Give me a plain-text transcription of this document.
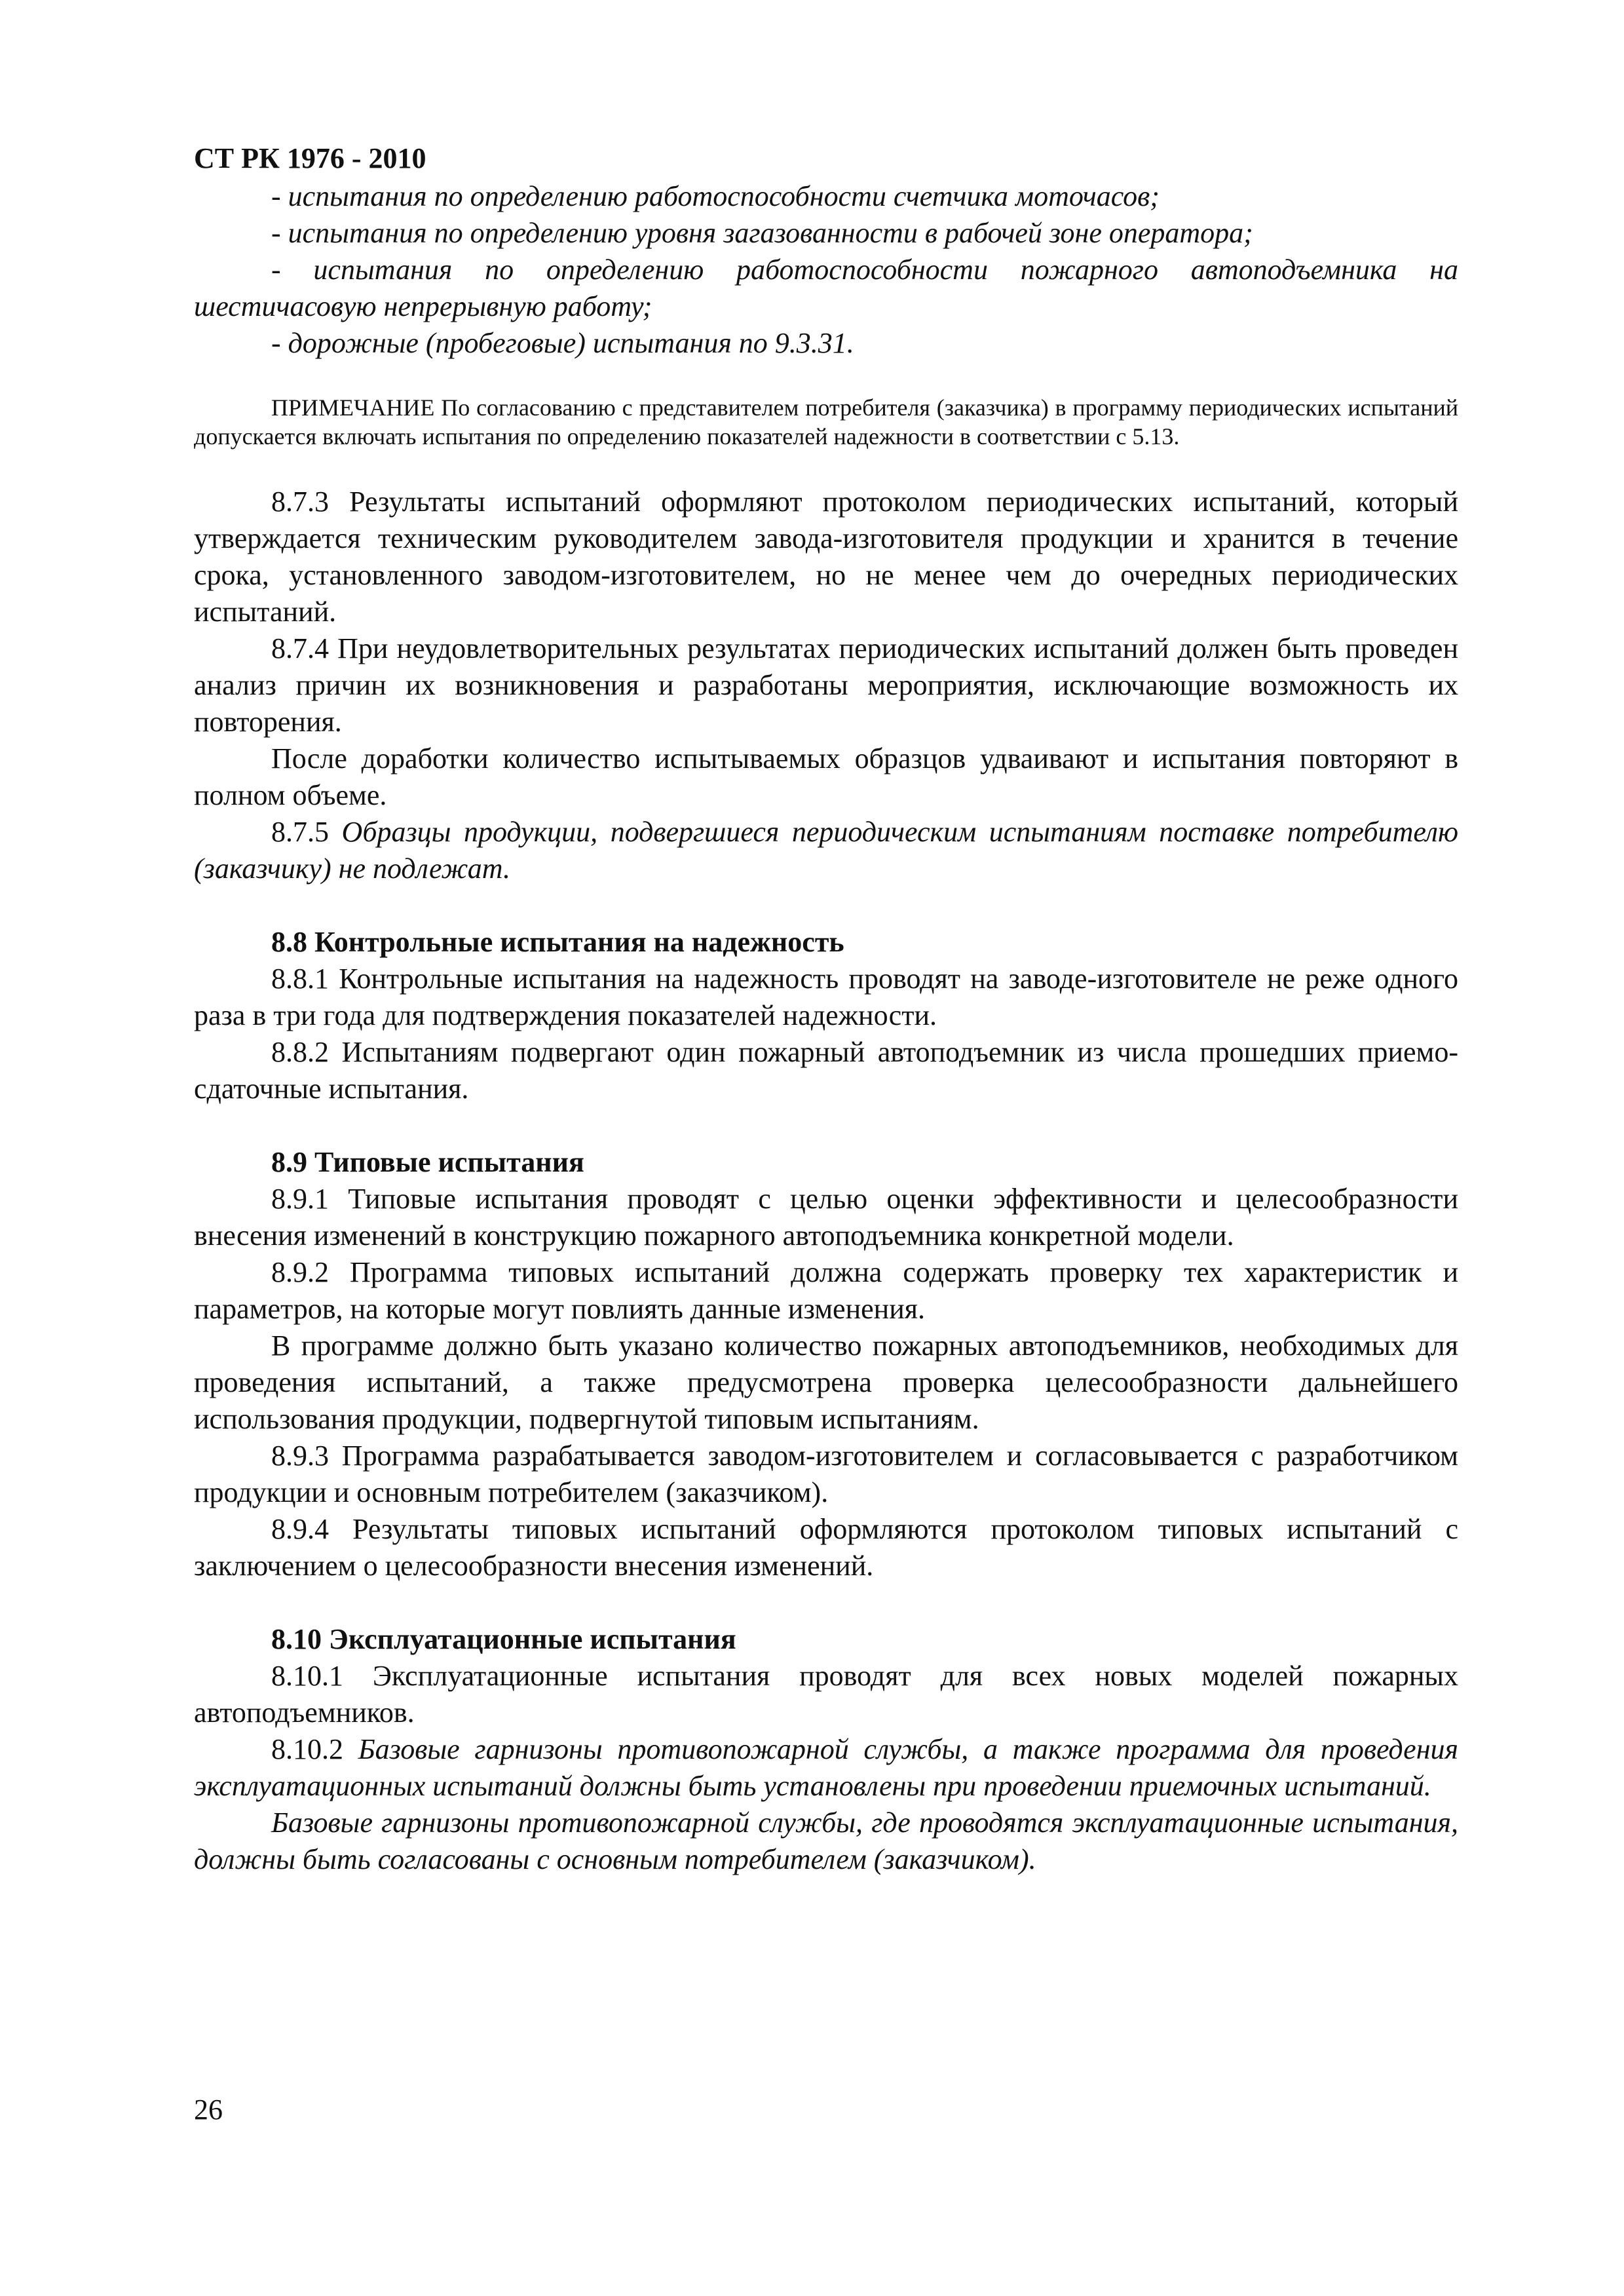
СТ РК 1976 - 2010

- испытания по определению работоспособности счетчика моточасов;

- испытания по определению уровня загазованности в рабочей зоне оператора;

- испытания по определению работоспособности пожарного автоподъемника на шестичасовую непрерывную работу;

- дорожные (пробеговые) испытания по 9.3.31.

ПРИМЕЧАНИЕ По согласованию с представителем потребителя (заказчика) в программу периодических испытаний допускается включать испытания по определению показателей надежности в соответствии с 5.13.

8.7.3 Результаты испытаний оформляют протоколом периодических испытаний, который утверждается техническим руководителем завода-изготовителя продукции и хранится в течение срока, установленного заводом-изготовителем, но не менее чем до очередных периодических испытаний.

8.7.4 При неудовлетворительных результатах периодических испытаний должен быть проведен анализ причин их возникновения и разработаны мероприятия, исключающие возможность их повторения.

После доработки количество испытываемых образцов удваивают и испытания повторяют в полном объеме.

8.7.5 Образцы продукции, подвергшиеся периодическим испытаниям поставке потребителю (заказчику) не подлежат.

8.8 Контрольные испытания на надежность

8.8.1 Контрольные испытания на надежность проводят на заводе-изготовителе не реже одного раза в три года для подтверждения показателей надежности.

8.8.2 Испытаниям подвергают один пожарный автоподъемник из числа прошедших приемо-сдаточные испытания.

8.9 Типовые испытания

8.9.1 Типовые испытания проводят с целью оценки эффективности и целесообразности внесения изменений в конструкцию пожарного автоподъемника конкретной модели.

8.9.2 Программа типовых испытаний должна содержать проверку тех характеристик и параметров, на которые могут повлиять данные изменения.

В программе должно быть указано количество пожарных автоподъемников, необходимых для проведения испытаний, а также предусмотрена проверка целесообразности дальнейшего использования продукции, подвергнутой типовым испытаниям.

8.9.3 Программа разрабатывается заводом-изготовителем и согласовывается с разработчиком продукции и основным потребителем (заказчиком).

8.9.4 Результаты типовых испытаний оформляются протоколом типовых испытаний с заключением о целесообразности внесения изменений.

8.10 Эксплуатационные испытания

8.10.1 Эксплуатационные испытания проводят для всех новых моделей пожарных автоподъемников.

8.10.2 Базовые гарнизоны противопожарной службы, а также программа для проведения эксплуатационных испытаний должны быть установлены при проведении приемочных испытаний.

Базовые гарнизоны противопожарной службы, где проводятся эксплуатационные испытания, должны быть согласованы с основным потребителем (заказчиком).

26
